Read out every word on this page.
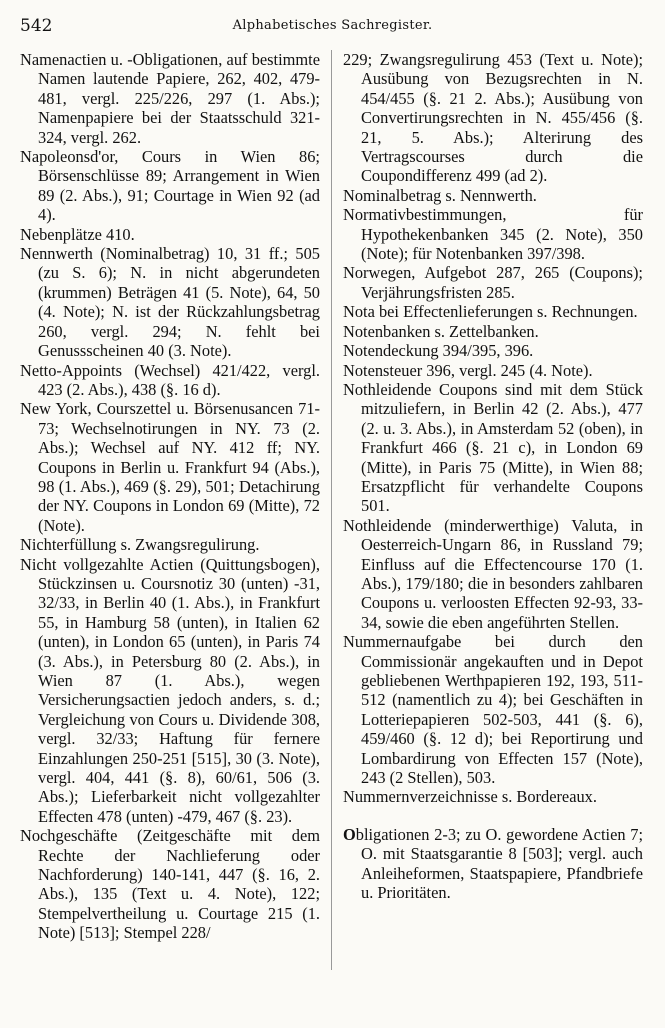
542	Alphabetisches Sachregister.

Namenactien u. -Obligationen, auf bestimmte Namen lautende Papiere, 262, 402, 479-481, vergl. 225/226, 297 (1. Abs.); Namenpapiere bei der Staatsschuld 321-324, vergl. 262.

Napoleonsd'or, Cours in Wien 86; Börsenschlüsse 89; Arrangement in Wien 89 (2. Abs.), 91; Courtage in Wien 92 (ad 4).

Nebenplätze 410.

Nennwerth (Nominalbetrag) 10, 31 ff.; 505 (zu S. 6); N. in nicht abgerundeten (krummen) Beträgen 41 (5. Note), 64, 50 (4. Note); N. ist der Rückzahlungsbetrag 260, vergl. 294; N. fehlt bei Genussscheinen 40 (3. Note).

Netto-Appoints (Wechsel) 421/422, vergl. 423 (2. Abs.), 438 (§. 16 d).

New York, Courszettel u. Börsenusancen 71-73; Wechselnotirungen in NY. 73 (2. Abs.); Wechsel auf NY. 412 ff; NY. Coupons in Berlin u. Frankfurt 94 (Abs.), 98 (1. Abs.), 469 (§. 29), 501; Detachirung der NY. Coupons in London 69 (Mitte), 72 (Note).

Nichterfüllung s. Zwangsregulirung.

Nicht vollgezahlte Actien (Quittungsbogen), Stückzinsen u. Coursnotiz 30 (unten) -31, 32/33, in Berlin 40 (1. Abs.), in Frankfurt 55, in Hamburg 58 (unten), in Italien 62 (unten), in London 65 (unten), in Paris 74 (3. Abs.), in Petersburg 80 (2. Abs.), in Wien 87 (1. Abs.), wegen Versicherungsactien jedoch anders, s. d.; Vergleichung von Cours u. Dividende 308, vergl. 32/33; Haftung für fernere Einzahlungen 250-251 [515], 30 (3. Note), vergl. 404, 441 (§. 8), 60/61, 506 (3. Abs.); Lieferbarkeit nicht vollgezahlter Effecten 478 (unten) -479, 467 (§. 23).

Nochgeschäfte (Zeitgeschäfte mit dem Rechte der Nachlieferung oder Nachforderung) 140-141, 447 (§. 16, 2. Abs.), 135 (Text u. 4. Note), 122; Stempelvertheilung u. Courtage 215 (1. Note) [513]; Stempel 228/

229; Zwangsregulirung 453 (Text u. Note); Ausübung von Bezugsrechten in N. 454/455 (§. 21 2. Abs.); Ausübung von Convertirungsrechten in N. 455/456 (§. 21, 5. Abs.); Alterirung des Vertragscourses durch die Coupondifferenz 499 (ad 2).

Nominalbetrag s. Nennwerth.

Normativbestimmungen, für Hypothekenbanken 345 (2. Note), 350 (Note); für Notenbanken 397/398.

Norwegen, Aufgebot 287, 265 (Coupons); Verjährungsfristen 285.

Nota bei Effectenlieferungen s. Rechnungen.

Notenbanken s. Zettelbanken.

Notendeckung 394/395, 396.

Notensteuer 396, vergl. 245 (4. Note).

Nothleidende Coupons sind mit dem Stück mitzuliefern, in Berlin 42 (2. Abs.), 477 (2. u. 3. Abs.), in Amsterdam 52 (oben), in Frankfurt 466 (§. 21 c), in London 69 (Mitte), in Paris 75 (Mitte), in Wien 88; Ersatzpflicht für verhandelte Coupons 501.

Nothleidende (minderwerthige) Valuta, in Oesterreich-Ungarn 86, in Russland 79; Einfluss auf die Effectencourse 170 (1. Abs.), 179/180; die in besonders zahlbaren Coupons u. verloosten Effecten 92-93, 33-34, sowie die eben angeführten Stellen.

Nummernaufgabe bei durch den Commissionär angekauften und in Depot gebliebenen Werthpapieren 192, 193, 511-512 (namentlich zu 4); bei Geschäften in Lotteriepapieren 502-503, 441 (§. 6), 459/460 (§. 12 d); bei Reportirung und Lombardirung von Effecten 157 (Note), 243 (2 Stellen), 503.

Nummernverzeichnisse s. Bordereaux.

Obligationen 2-3; zu O. gewordene Actien 7; O. mit Staatsgarantie 8 [503]; vergl. auch Anleiheformen, Staatspapiere, Pfandbriefe u. Prioritäten.
